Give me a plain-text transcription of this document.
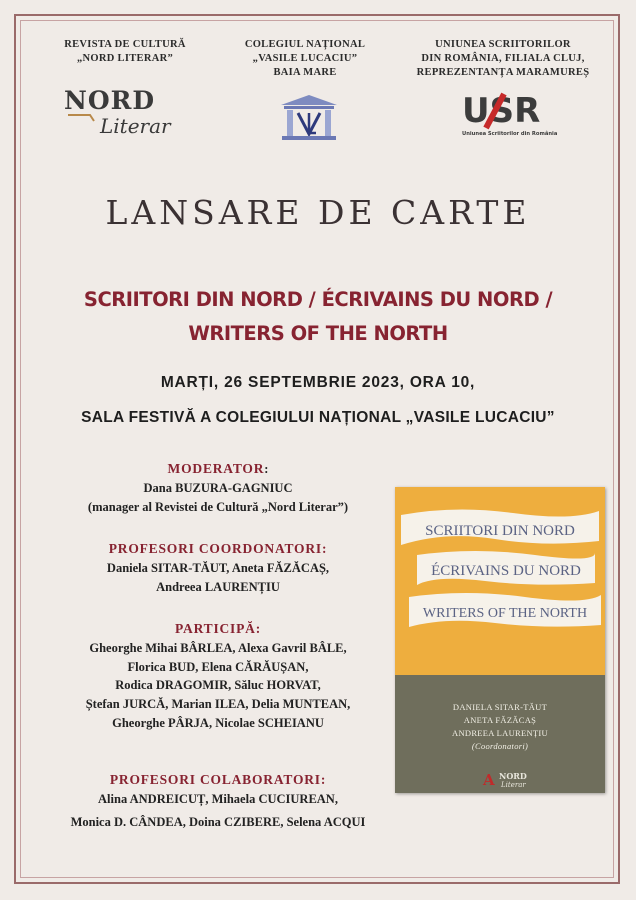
REVISTA DE CULTURĂ
„NORD LITERAR”
COLEGIUL NAȚIONAL
„VASILE LUCACIU”
BAIA MARE
UNIUNEA SCRIITORILOR
DIN ROMÂNIA, FILIALA CLUJ,
REPREZENTANȚA MARAMUREȘ
NORD
Literar	USR
Uniunea Scriitorilor din România
LANSARE DE CARTE
SCRIITORI DIN NORD / ÉCRIVAINS DU NORD /
WRITERS OF THE NORTH
MARȚI, 26 SEPTEMBRIE 2023, ORA 10,
SALA FESTIVĂ A COLEGIULUI NAȚIONAL „VASILE LUCACIU”

MODERATOR:

Dana BUZURA-GAGNIUC

(manager al Revistei de Cultură „Nord Literar”)

PROFESORI COORDONATORI:

Daniela SITAR-TĂUT, Aneta FĂZĂCAȘ,

Andreea LAURENȚIU

PARTICIPĂ:

Gheorghe Mihai BÂRLEA, Alexa Gavril BÂLE,

Florica BUD, Elena CĂRĂUȘAN,

Rodica DRAGOMIR, Săluc HORVAT,

Ștefan JURCĂ, Marian ILEA, Delia MUNTEAN,

Gheorghe PÂRJA, Nicolae SCHEIANU

PROFESORI COLABORATORI:

Alina ANDREICUȚ, Mihaela CUCIUREAN,

Monica D. CÂNDEA, Doina CZIBERE, Selena ACQUI

SCRIITORI DIN NORD
ÉCRIVAINS DU NORD
WRITERS OF THE NORTH
A NORD
Literar

DANIELA SITAR-TĂUT

ANETA FĂZĂCAȘ

ANDREEA LAURENȚIU

(Coordonatori)
